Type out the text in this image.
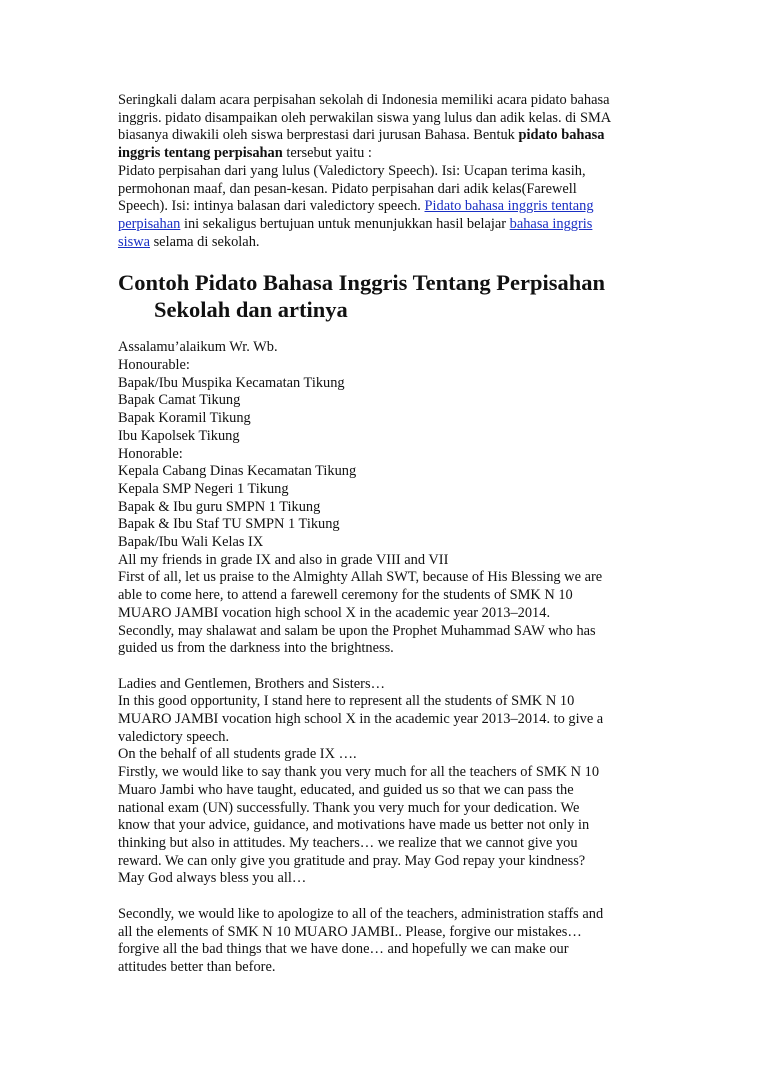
Seringkali dalam acara perpisahan sekolah di Indonesia memiliki acara pidato bahasa
inggris. pidato disampaikan oleh perwakilan siswa yang lulus dan adik kelas. di SMA
biasanya diwakili oleh siswa berprestasi dari jurusan Bahasa. Bentuk pidato bahasa
inggris tentang perpisahan tersebut yaitu :
Pidato perpisahan dari yang lulus (Valedictory Speech). Isi: Ucapan terima kasih,
permohonan maaf, dan pesan-kesan. Pidato perpisahan dari adik kelas(Farewell
Speech). Isi: intinya balasan dari valedictory speech. Pidato bahasa inggris tentang
perpisahan ini sekaligus bertujuan untuk menunjukkan hasil belajar bahasa inggris
siswa selama di sekolah.
Contoh Pidato Bahasa Inggris Tentang Perpisahan
Sekolah dan artinya
Assalamu’alaikum Wr. Wb.
Honourable:
Bapak/Ibu Muspika Kecamatan Tikung
Bapak Camat Tikung
Bapak Koramil Tikung
Ibu Kapolsek Tikung
Honorable:
Kepala Cabang Dinas Kecamatan Tikung
Kepala SMP Negeri 1 Tikung
Bapak & Ibu guru SMPN 1 Tikung
Bapak & Ibu Staf TU SMPN 1 Tikung
Bapak/Ibu Wali Kelas IX
All my friends in grade IX and also in grade VIII and VII
First of all, let us praise to the Almighty Allah SWT, because of His Blessing we are
able to come here, to attend a farewell ceremony for the students of SMK N 10
MUARO JAMBI vocation high school X in the academic year 2013–2014.
Secondly, may shalawat and salam be upon the Prophet Muhammad SAW who has
guided us from the darkness into the brightness.
Ladies and Gentlemen, Brothers and Sisters…
In this good opportunity, I stand here to represent all the students of SMK N 10
MUARO JAMBI vocation high school X in the academic year 2013–2014. to give a
valedictory speech.
On the behalf of all students grade IX ….
Firstly, we would like to say thank you very much for all the teachers of SMK N 10
Muaro Jambi who have taught, educated, and guided us so that we can pass the
national exam (UN) successfully. Thank you very much for your dedication. We
know that your advice, guidance, and motivations have made us better not only in
thinking but also in attitudes. My teachers… we realize that we cannot give you
reward. We can only give you gratitude and pray. May God repay your kindness?
May God always bless you all…
Secondly, we would like to apologize to all of the teachers, administration staffs and
all the elements of SMK N 10 MUARO JAMBI.. Please, forgive our mistakes…
forgive all the bad things that we have done… and hopefully we can make our
attitudes better than before.
